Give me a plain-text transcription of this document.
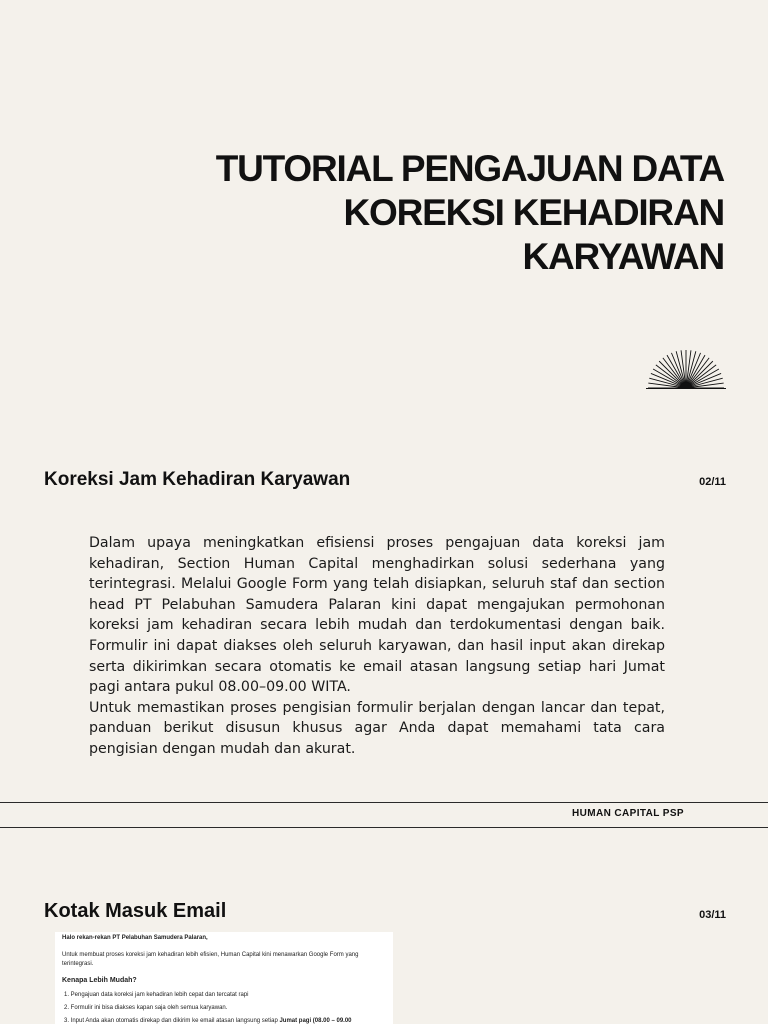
TUTORIAL PENGAJUAN DATA
KOREKSI KEHADIRAN
KARYAWAN
Koreksi Jam Kehadiran Karyawan	02/11

Dalam upaya meningkatkan efisiensi proses pengajuan data koreksi jam kehadiran, Section Human Capital menghadirkan solusi sederhana yang terintegrasi. Melalui Google Form yang telah disiapkan, seluruh staf dan section head PT Pelabuhan Samudera Palaran kini dapat mengajukan permohonan koreksi jam kehadiran secara lebih mudah dan terdokumentasi dengan baik. Formulir ini dapat diakses oleh seluruh karyawan, dan hasil input akan direkap serta dikirimkan secara otomatis ke email atasan langsung setiap hari Jumat pagi antara pukul 08.00–09.00 WITA.

Untuk memastikan proses pengisian formulir berjalan dengan lancar dan tepat, panduan berikut disusun khusus agar Anda dapat memahami tata cara pengisian dengan mudah dan akurat.

HUMAN CAPITAL PSP
Kotak Masuk Email	03/11
Halo rekan-rekan PT Pelabuhan Samudera Palaran,
Untuk membuat proses koreksi jam kehadiran lebih efisien, Human Capital kini menawarkan Google Form yang terintegrasi.
Kenapa Lebih Mudah?
1. Pengajuan data koreksi jam kehadiran lebih cepat dan tercatat rapi
2. Formulir ini bisa diakses kapan saja oleh semua karyawan.
3. Input Anda akan otomatis direkap dan dikirim ke email atasan langsung setiap Jumat pagi (08.00 – 09.00
